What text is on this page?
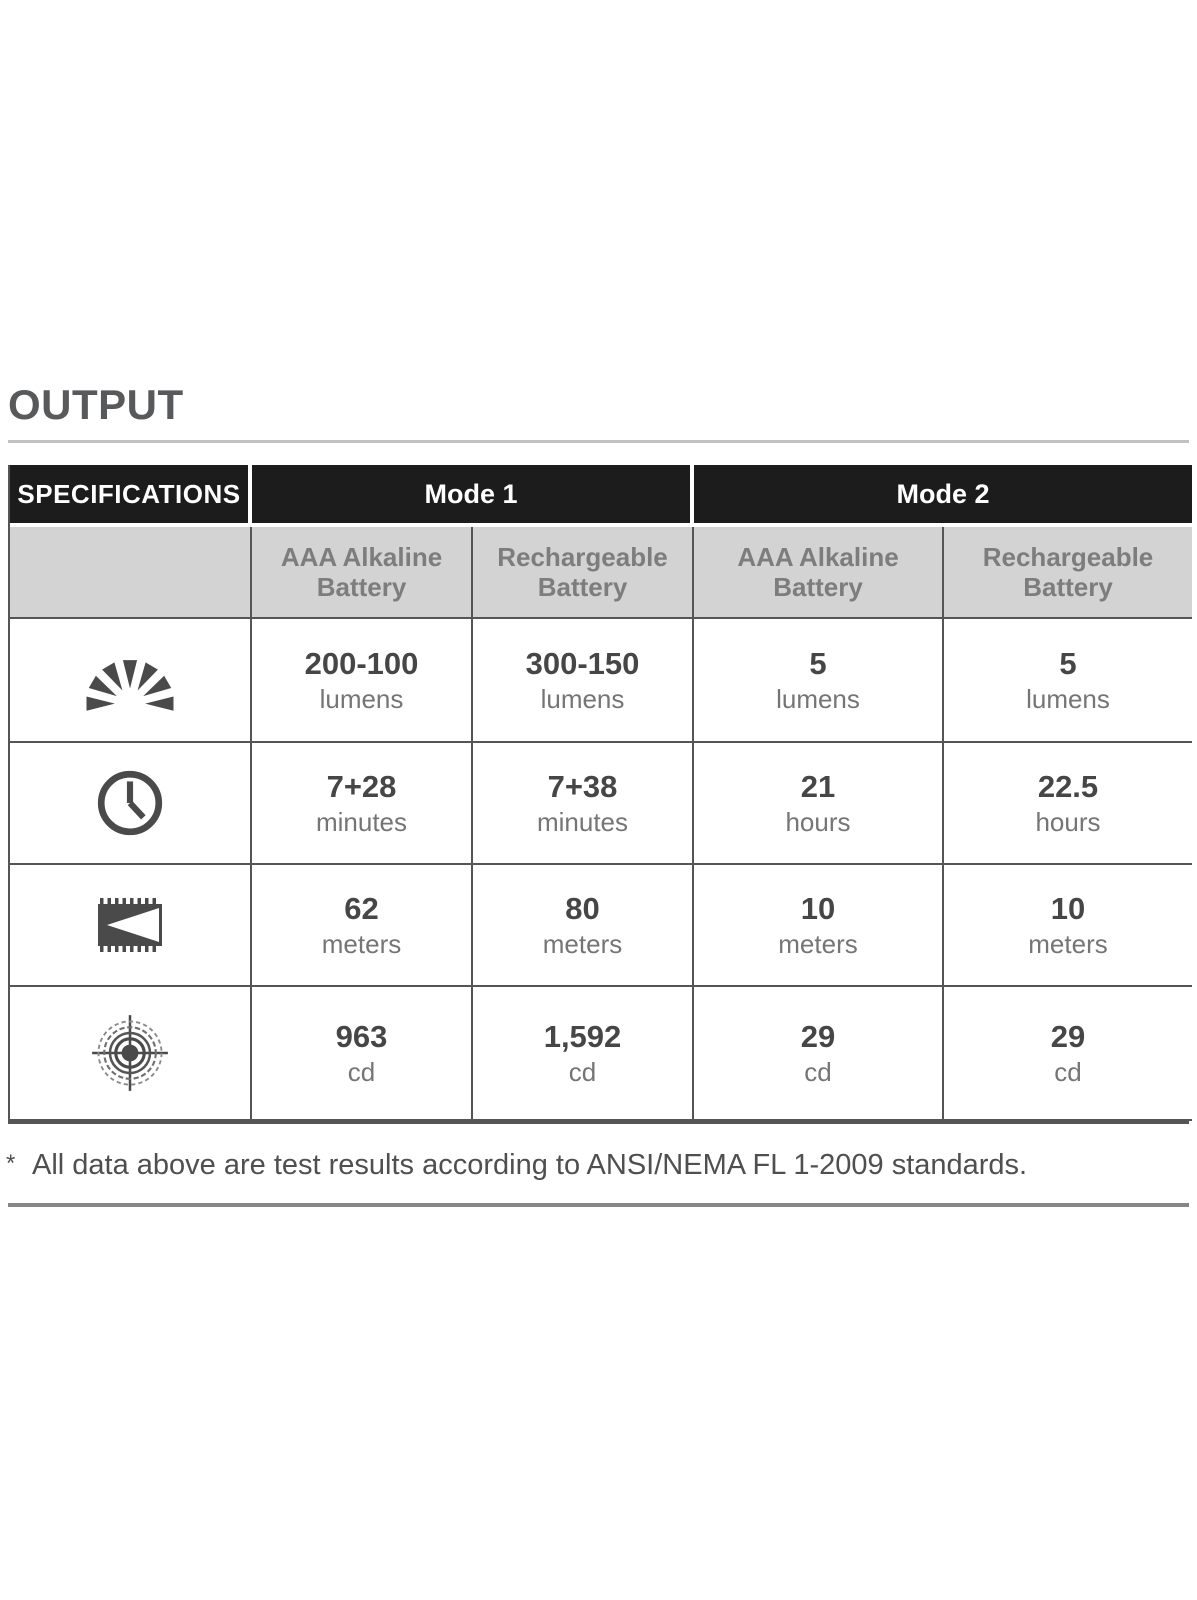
OUTPUT
SPECIFICATIONS	Mode 1	Mode 2
AAA Alkaline Battery
Rechargeable Battery
AAA Alkaline Battery
Rechargeable Battery
200-100
lumens
300-150
lumens
5
lumens
5
lumens
7+28
minutes
7+38
minutes
21
hours
22.5
hours
62
meters
80
meters
10
meters
10
meters
963
cd
1,592
cd
29
cd
29
cd
* All data above are test results according to ANSI/NEMA FL 1-2009 standards.
